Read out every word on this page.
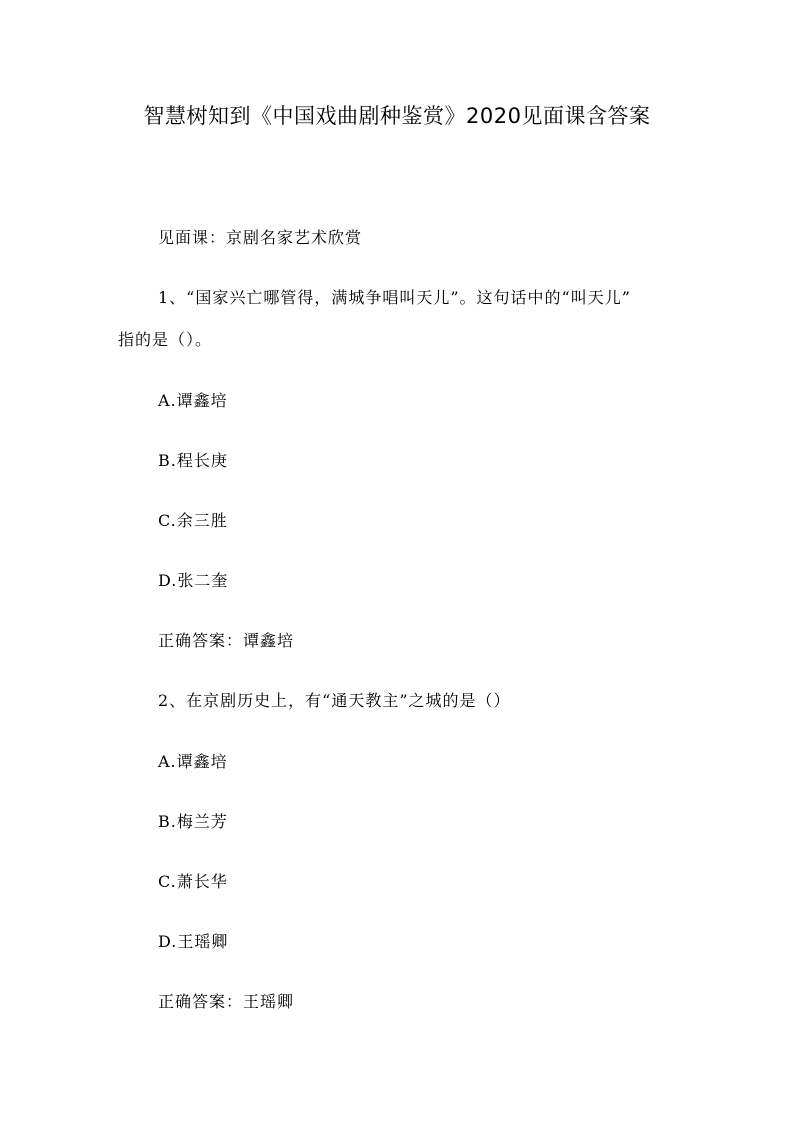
智慧树知到《中国戏曲剧种鉴赏》2020见面课含答案
见面课：京剧名家艺术欣赏
1、“国家兴亡哪管得，满城争唱叫天儿”。这句话中的“叫天儿”
指的是（）。
A.谭鑫培
B.程长庚
C.余三胜
D.张二奎
正确答案：谭鑫培
2、在京剧历史上，有“通天教主”之城的是（）
A.谭鑫培
B.梅兰芳
C.萧长华
D.王瑶卿
正确答案：王瑶卿
